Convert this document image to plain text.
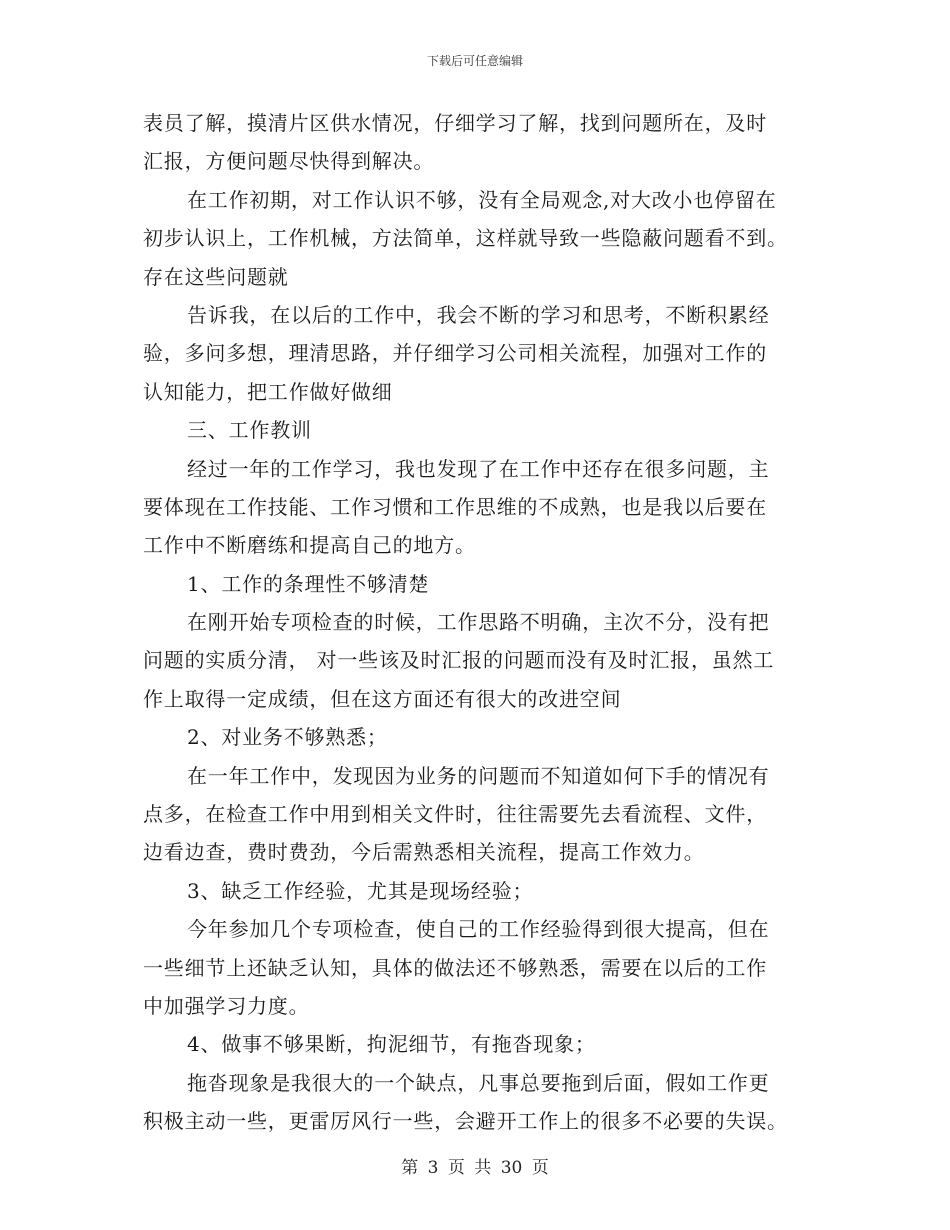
下载后可任意编辑
表员了解，摸清片区供水情况，仔细学习了解，找到问题所在，及时
汇报，方便问题尽快得到解决。
在工作初期，对工作认识不够，没有全局观念,对大改小也停留在
初步认识上，工作机械，方法简单，这样就导致一些隐蔽问题看不到。
存在这些问题就
告诉我，在以后的工作中，我会不断的学习和思考，不断积累经
验，多问多想，理清思路，并仔细学习公司相关流程，加强对工作的
认知能力，把工作做好做细
三、工作教训
经过一年的工作学习，我也发现了在工作中还存在很多问题，主
要体现在工作技能、工作习惯和工作思维的不成熟，也是我以后要在
工作中不断磨练和提高自己的地方。
1、工作的条理性不够清楚
在刚开始专项检查的时候，工作思路不明确，主次不分，没有把
问题的实质分清， 对一些该及时汇报的问题而没有及时汇报，虽然工
作上取得一定成绩，但在这方面还有很大的改进空间
2、对业务不够熟悉；
在一年工作中，发现因为业务的问题而不知道如何下手的情况有
点多，在检查工作中用到相关文件时，往往需要先去看流程、文件，
边看边查，费时费劲，今后需熟悉相关流程，提高工作效力。
3、缺乏工作经验，尤其是现场经验；
今年参加几个专项检查，使自己的工作经验得到很大提高，但在
一些细节上还缺乏认知，具体的做法还不够熟悉，需要在以后的工作
中加强学习力度。
4、做事不够果断，拘泥细节，有拖沓现象；
拖沓现象是我很大的一个缺点，凡事总要拖到后面，假如工作更
积极主动一些，更雷厉风行一些，会避开工作上的很多不必要的失误。
第 3 页 共 30 页
